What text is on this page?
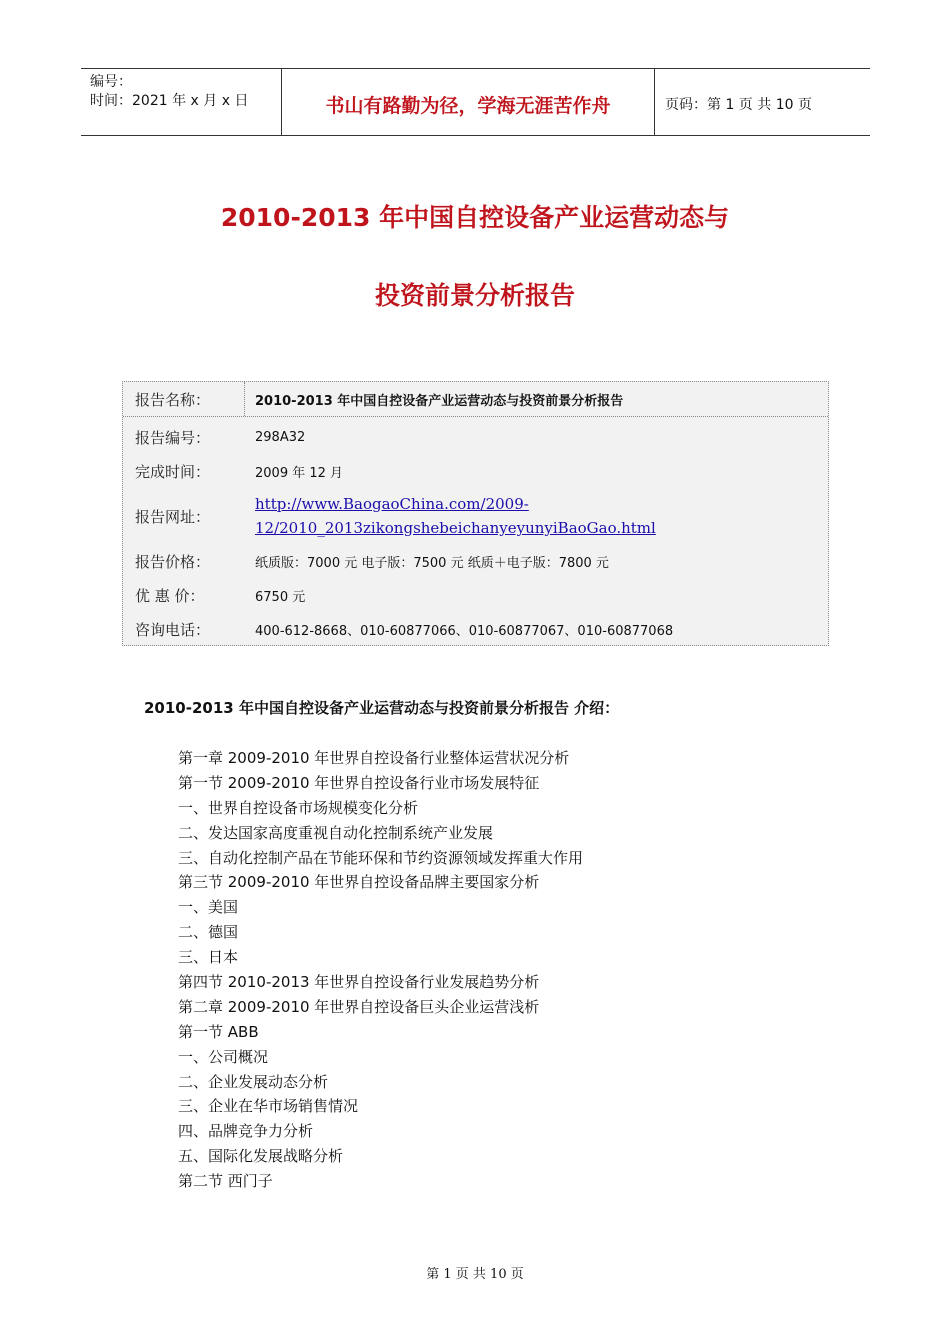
编号：
时间：2021 年 x 月 x 日	书山有路勤为径，学海无涯苦作舟	页码：第 1 页 共 10 页
2010-2013 年中国自控设备产业运营动态与
投资前景分析报告
报告名称：	2010-2013 年中国自控设备产业运营动态与投资前景分析报告
报告编号：	298A32
完成时间：	2009 年 12 月
报告网址：
http://www.BaogaoChina.com/2009-
12/2010_2013zikongshebeichanyeyunyiBaoGao.html
报告价格：	纸质版：7000 元 电子版：7500 元 纸质＋电子版：7800 元
优 惠 价：	6750 元
咨询电话：	400-612-8668、010-60877066、010-60877067、010-60877068
2010-2013 年中国自控设备产业运营动态与投资前景分析报告 介绍：
第一章 2009-2010 年世界自控设备行业整体运营状况分析
第一节 2009-2010 年世界自控设备行业市场发展特征
一、世界自控设备市场规模变化分析
二、发达国家高度重视自动化控制系统产业发展
三、自动化控制产品在节能环保和节约资源领域发挥重大作用
第三节 2009-2010 年世界自控设备品牌主要国家分析
一、美国
二、德国
三、日本
第四节 2010-2013 年世界自控设备行业发展趋势分析
第二章 2009-2010 年世界自控设备巨头企业运营浅析
第一节 ABB
一、公司概况
二、企业发展动态分析
三、企业在华市场销售情况
四、品牌竞争力分析
五、国际化发展战略分析
第二节 西门子
第 1 页 共 10 页
